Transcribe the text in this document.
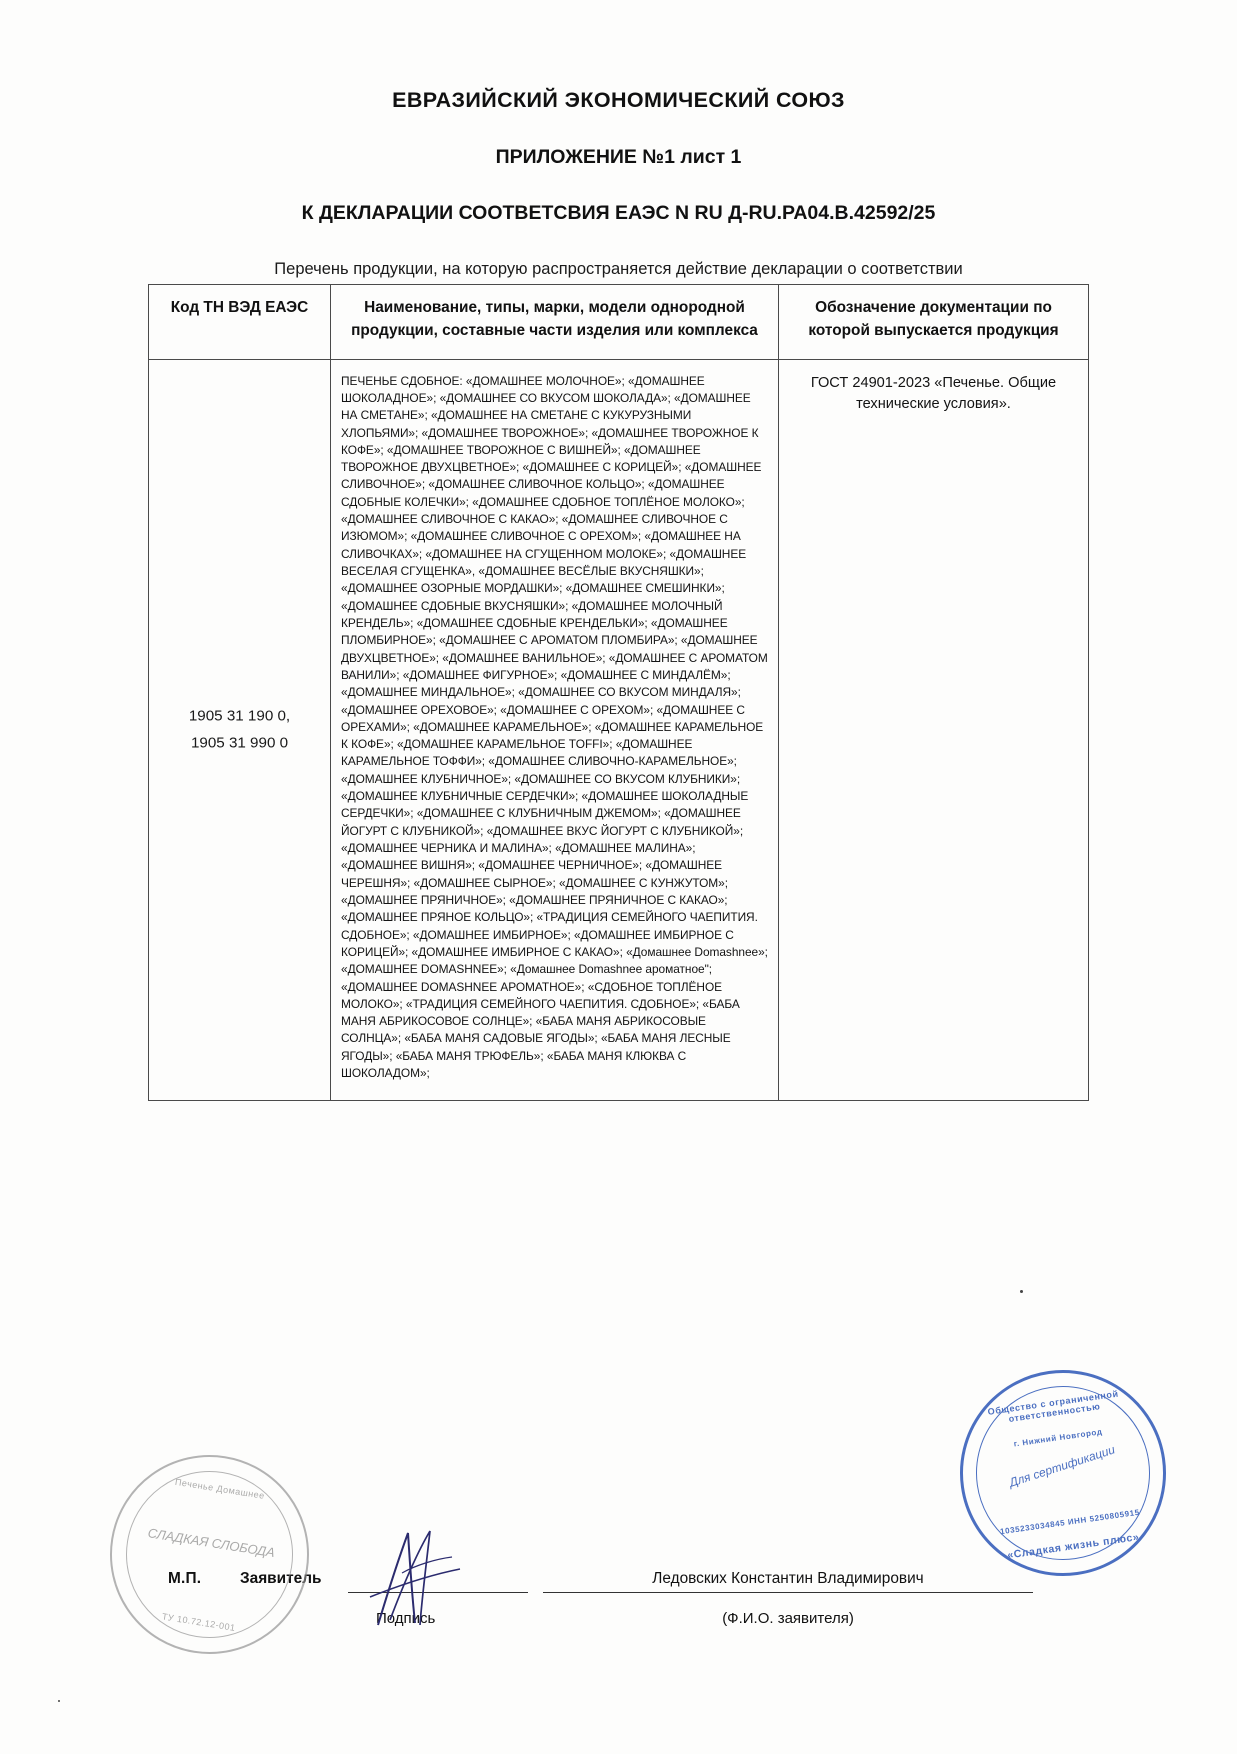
ЕВРАЗИЙСКИЙ ЭКОНОМИЧЕСКИЙ СОЮЗ
ПРИЛОЖЕНИЕ №1 лист 1
К ДЕКЛАРАЦИИ СООТВЕТСВИЯ ЕАЭС N RU Д-RU.РА04.В.42592/25
Перечень продукции, на которую распространяется действие декларации о соответствии
Код ТН ВЭД ЕАЭС	Наименование, типы, марки, модели однородной продукции, составные части изделия или комплекса	Обозначение документации по которой выпускается продукция

1905 31 190 0,
1905 31 990 0	ПЕЧЕНЬЕ СДОБНОЕ: «ДОМАШНЕЕ МОЛОЧНОЕ»; «ДОМАШНЕЕ ШОКОЛАДНОЕ»; «ДОМАШНЕЕ СО ВКУСОМ ШОКОЛАДА»; «ДОМАШНЕЕ НА СМЕТАНЕ»; «ДОМАШНЕЕ НА СМЕТАНЕ С КУКУРУЗНЫМИ ХЛОПЬЯМИ»; «ДОМАШНЕЕ ТВОРОЖНОЕ»; «ДОМАШНЕЕ ТВОРОЖНОЕ К КОФЕ»; «ДОМАШНЕЕ ТВОРОЖНОЕ С ВИШНЕЙ»; «ДОМАШНЕЕ ТВОРОЖНОЕ ДВУХЦВЕТНОЕ»; «ДОМАШНЕЕ С КОРИЦЕЙ»; «ДОМАШНЕЕ СЛИВОЧНОЕ»; «ДОМАШНЕЕ СЛИВОЧНОЕ КОЛЬЦО»; «ДОМАШНЕЕ СДОБНЫЕ КОЛЕЧКИ»; «ДОМАШНЕЕ СДОБНОЕ ТОПЛЁНОЕ МОЛОКО»; «ДОМАШНЕЕ СЛИВОЧНОЕ С КАКАО»; «ДОМАШНЕЕ СЛИВОЧНОЕ С ИЗЮМОМ»; «ДОМАШНЕЕ СЛИВОЧНОЕ С ОРЕХОМ»; «ДОМАШНЕЕ НА СЛИВОЧКАХ»; «ДОМАШНЕЕ НА СГУЩЕННОМ МОЛОКЕ»; «ДОМАШНЕЕ ВЕСЕЛАЯ СГУЩЕНКА», «ДОМАШНЕЕ ВЕСЁЛЫЕ ВКУСНЯШКИ»; «ДОМАШНЕЕ ОЗОРНЫЕ МОРДАШКИ»; «ДОМАШНЕЕ СМЕШИНКИ»; «ДОМАШНЕЕ СДОБНЫЕ ВКУСНЯШКИ»; «ДОМАШНЕЕ МОЛОЧНЫЙ КРЕНДЕЛЬ»; «ДОМАШНЕЕ СДОБНЫЕ КРЕНДЕЛЬКИ»; «ДОМАШНЕЕ ПЛОМБИРНОЕ»; «ДОМАШНЕЕ С АРОМАТОМ ПЛОМБИРА»; «ДОМАШНЕЕ ДВУХЦВЕТНОЕ»; «ДОМАШНЕЕ ВАНИЛЬНОЕ»; «ДОМАШНЕЕ С АРОМАТОМ ВАНИЛИ»; «ДОМАШНЕЕ ФИГУРНОЕ»; «ДОМАШНЕЕ С МИНДАЛЁМ»; «ДОМАШНЕЕ МИНДАЛЬНОЕ»; «ДОМАШНЕЕ СО ВКУСОМ МИНДАЛЯ»; «ДОМАШНЕЕ ОРЕХОВОЕ»; «ДОМАШНЕЕ С ОРЕХОМ»; «ДОМАШНЕЕ С ОРЕХАМИ»; «ДОМАШНЕЕ КАРАМЕЛЬНОЕ»; «ДОМАШНЕЕ КАРАМЕЛЬНОЕ К КОФЕ»; «ДОМАШНЕЕ КАРАМЕЛЬНОЕ TOFFI»; «ДОМАШНЕЕ КАРАМЕЛЬНОЕ ТОФФИ»; «ДОМАШНЕЕ СЛИВОЧНО-КАРАМЕЛЬНОЕ»; «ДОМАШНЕЕ КЛУБНИЧНОЕ»; «ДОМАШНЕЕ СО ВКУСОМ КЛУБНИКИ»; «ДОМАШНЕЕ КЛУБНИЧНЫЕ СЕРДЕЧКИ»; «ДОМАШНЕЕ ШОКОЛАДНЫЕ СЕРДЕЧКИ»; «ДОМАШНЕЕ С КЛУБНИЧНЫМ ДЖЕМОМ»; «ДОМАШНЕЕ ЙОГУРТ С КЛУБНИКОЙ»; «ДОМАШНЕЕ ВКУС ЙОГУРТ С КЛУБНИКОЙ»; «ДОМАШНЕЕ ЧЕРНИКА И МАЛИНА»; «ДОМАШНЕЕ МАЛИНА»; «ДОМАШНЕЕ ВИШНЯ»; «ДОМАШНЕЕ ЧЕРНИЧНОЕ»; «ДОМАШНЕЕ ЧЕРЕШНЯ»; «ДОМАШНЕЕ СЫРНОЕ»; «ДОМАШНЕЕ С КУНЖУТОМ»; «ДОМАШНЕЕ ПРЯНИЧНОЕ»; «ДОМАШНЕЕ ПРЯНИЧНОЕ С КАКАО»; «ДОМАШНЕЕ ПРЯНОЕ КОЛЬЦО»; «ТРАДИЦИЯ СЕМЕЙНОГО ЧАЕПИТИЯ. СДОБНОЕ»; «ДОМАШНЕЕ ИМБИРНОЕ»; «ДОМАШНЕЕ ИМБИРНОЕ С КОРИЦЕЙ»; «ДОМАШНЕЕ ИМБИРНОЕ С КАКАО»; «Домашнее Domashnee»; «ДОМАШНЕЕ DOMASHNEE»; «Домашнее Domashnee ароматное"; «ДОМАШНЕЕ DOMASHNEE АРОМАТНОЕ»; «СДОБНОЕ ТОПЛЁНОЕ МОЛОКО»; «ТРАДИЦИЯ СЕМЕЙНОГО ЧАЕПИТИЯ. СДОБНОЕ»; «БАБА МАНЯ АБРИКОСОВОЕ СОЛНЦЕ»; «БАБА МАНЯ АБРИКОСОВЫЕ СОЛНЦА»; «БАБА МАНЯ САДОВЫЕ ЯГОДЫ»; «БАБА МАНЯ ЛЕСНЫЕ ЯГОДЫ»; «БАБА МАНЯ ТРЮФЕЛЬ»; «БАБА МАНЯ КЛЮКВА С ШОКОЛАДОМ»;	ГОСТ 24901-2023 «Печенье. Общие технические условия».
М.П.	Заявитель	Ледовских Константин Владимирович
Подпись	(Ф.И.О. заявителя)
Общество с ограниченной ответственностью
г. Нижний Новгород
Для сертификации
«Сладкая жизнь плюс»
1035233034845 ИНН 5250805915
Печенье Домашнее
СЛАДКАЯ СЛОБОДА
ТУ 10.72.12-001
